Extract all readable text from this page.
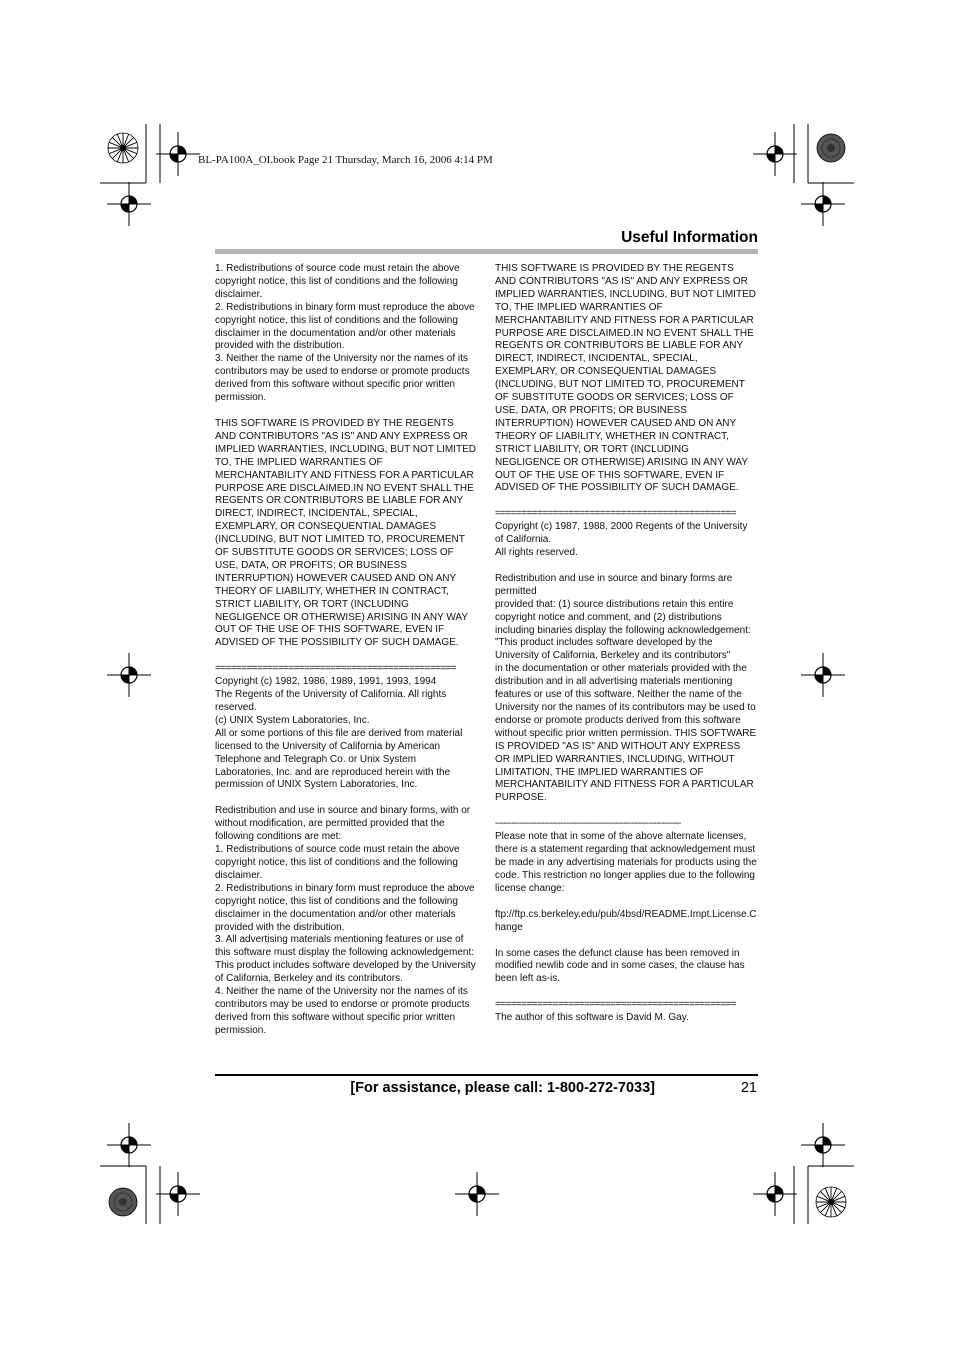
BL-PA100A_OI.book Page 21 Thursday, March 16, 2006 4:14 PM
Useful Information

1. Redistributions of source code must retain the above copyright notice, this list of conditions and the following disclaimer.

2. Redistributions in binary form must reproduce the above copyright notice, this list of conditions and the following disclaimer in the documentation and/or other materials provided with the distribution.

3. Neither the name of the University nor the names of its contributors may be used to endorse or promote products derived from this software without specific prior written permission.

THIS SOFTWARE IS PROVIDED BY THE REGENTS AND CONTRIBUTORS "AS IS" AND ANY EXPRESS OR IMPLIED WARRANTIES, INCLUDING, BUT NOT LIMITED TO, THE IMPLIED WARRANTIES OF MERCHANTABILITY AND FITNESS FOR A PARTICULAR PURPOSE ARE DISCLAIMED.IN NO EVENT SHALL THE REGENTS OR CONTRIBUTORS BE LIABLE FOR ANY DIRECT, INDIRECT, INCIDENTAL, SPECIAL, EXEMPLARY, OR CONSEQUENTIAL DAMAGES (INCLUDING, BUT NOT LIMITED TO, PROCUREMENT OF SUBSTITUTE GOODS OR SERVICES; LOSS OF USE, DATA, OR PROFITS; OR BUSINESS INTERRUPTION) HOWEVER CAUSED AND ON ANY THEORY OF LIABILITY, WHETHER IN CONTRACT, STRICT LIABILITY, OR TORT (INCLUDING NEGLIGENCE OR OTHERWISE) ARISING IN ANY WAY OUT OF THE USE OF THIS SOFTWARE, EVEN IF ADVISED OF THE POSSIBILITY OF SUCH DAMAGE.

==============================================

Copyright (c) 1982, 1986, 1989, 1991, 1993, 1994

The Regents of the University of California. All rights reserved.

(c) UNIX System Laboratories, Inc.

All or some portions of this file are derived from material licensed to the University of California by American Telephone and Telegraph Co. or Unix System Laboratories, Inc. and are reproduced herein with the permission of UNIX System Laboratories, Inc.

Redistribution and use in source and binary forms, with or without modification, are permitted provided that the following conditions are met:

1. Redistributions of source code must retain the above copyright notice, this list of conditions and the following disclaimer.

2. Redistributions in binary form must reproduce the above copyright notice, this list of conditions and the following disclaimer in the documentation and/or other materials provided with the distribution.

3. All advertising materials mentioning features or use of this software must display the following acknowledgement:

This product includes software developed by the University of California, Berkeley and its contributors.

4. Neither the name of the University nor the names of its contributors may be used to endorse or promote products derived from this software without specific prior written permission.

THIS SOFTWARE IS PROVIDED BY THE REGENTS AND CONTRIBUTORS "AS IS" AND ANY EXPRESS OR IMPLIED WARRANTIES, INCLUDING, BUT NOT LIMITED TO, THE IMPLIED WARRANTIES OF MERCHANTABILITY AND FITNESS FOR A PARTICULAR PURPOSE ARE DISCLAIMED.IN NO EVENT SHALL THE REGENTS OR CONTRIBUTORS BE LIABLE FOR ANY DIRECT, INDIRECT, INCIDENTAL, SPECIAL, EXEMPLARY, OR CONSEQUENTIAL DAMAGES (INCLUDING, BUT NOT LIMITED TO, PROCUREMENT OF SUBSTITUTE GOODS OR SERVICES; LOSS OF USE, DATA, OR PROFITS; OR BUSINESS INTERRUPTION) HOWEVER CAUSED AND ON ANY THEORY OF LIABILITY, WHETHER IN CONTRACT, STRICT LIABILITY, OR TORT (INCLUDING NEGLIGENCE OR OTHERWISE) ARISING IN ANY WAY OUT OF THE USE OF THIS SOFTWARE, EVEN IF ADVISED OF THE POSSIBILITY OF SUCH DAMAGE.

==============================================

Copyright (c) 1987, 1988, 2000 Regents of the University of California.

All rights reserved.

Redistribution and use in source and binary forms are permitted

provided that: (1) source distributions retain this entire copyright notice and comment, and (2) distributions including binaries display the following acknowledgement:

"This product includes software developed by the University of California, Berkeley and its contributors"

in the documentation or other materials provided with the distribution and in all advertising materials mentioning features or use of this software. Neither the name of the University nor the names of its contributors may be used to endorse or promote products derived from this software without specific prior written permission. THIS SOFTWARE IS PROVIDED "AS IS" AND WITHOUT ANY EXPRESS OR IMPLIED WARRANTIES, INCLUDING, WITHOUT LIMITATION, THE IMPLIED WARRANTIES OF MERCHANTABILITY AND FITNESS FOR A PARTICULAR PURPOSE.

--------------------------------------------------------------------

Please note that in some of the above alternate licenses, there is a statement regarding that acknowledgement must be made in any advertising materials for products using the code. This restriction no longer applies due to the following license change:

ftp://ftp.cs.berkeley.edu/pub/4bsd/README.Impt.License.Change

In some cases the defunct clause has been removed in modified newlib code and in some cases, the clause has been left as-is.

==============================================

The author of this software is David M. Gay.

[For assistance, please call: 1-800-272-7033]	21
